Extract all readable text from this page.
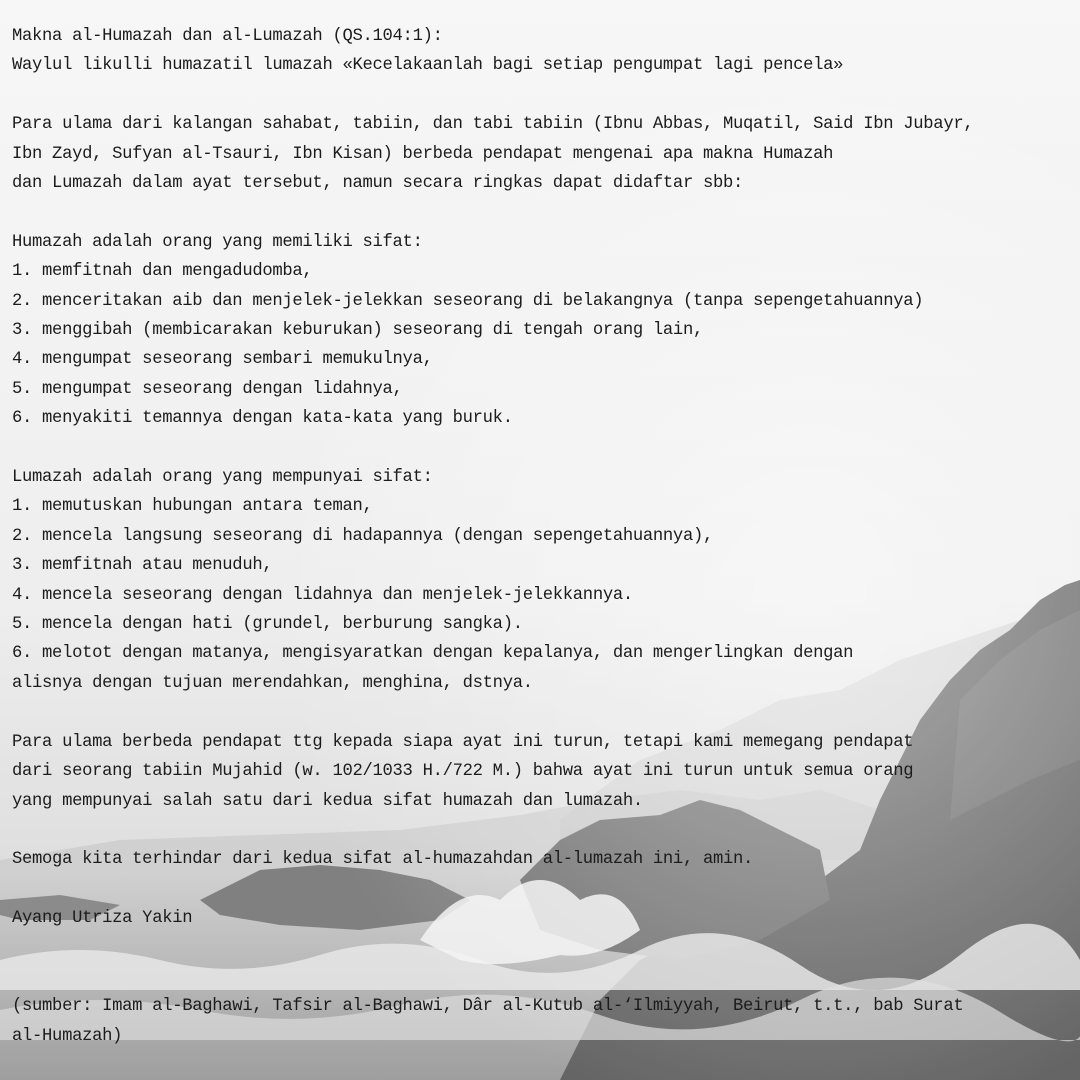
Makna al-Humazah dan al-Lumazah (QS.104:1):
Waylul likulli humazatil lumazah «Kecelakaanlah bagi setiap pengumpat lagi pencela»
Para ulama dari kalangan sahabat, tabiin, dan tabi tabiin (Ibnu Abbas, Muqatil, Said Ibn Jubayr,
Ibn Zayd, Sufyan al-Tsauri, Ibn Kisan) berbeda pendapat mengenai apa makna Humazah
dan Lumazah dalam ayat tersebut, namun secara ringkas dapat didaftar sbb:
Humazah adalah orang yang memiliki sifat:
1. memfitnah dan mengadudomba,
2. menceritakan aib dan menjelek-jelekkan seseorang di belakangnya (tanpa sepengetahuannya)
3. menggibah (membicarakan keburukan) seseorang di tengah orang lain,
4. mengumpat seseorang sembari memukulnya,
5. mengumpat seseorang dengan lidahnya,
6. menyakiti temannya dengan kata-kata yang buruk.
Lumazah adalah orang yang mempunyai sifat:
1. memutuskan hubungan antara teman,
2. mencela langsung seseorang di hadapannya (dengan sepengetahuannya),
3. memfitnah atau menuduh,
4. mencela seseorang dengan lidahnya dan menjelek-jelekkannya.
5. mencela dengan hati (grundel, berburung sangka).
6. melotot dengan matanya, mengisyaratkan dengan kepalanya, dan mengerlingkan dengan
alisnya dengan tujuan merendahkan, menghina, dstnya.
Para ulama berbeda pendapat ttg kepada siapa ayat ini turun, tetapi kami memegang pendapat
dari seorang tabiin Mujahid (w. 102/1033 H./722 M.) bahwa ayat ini turun untuk semua orang
yang mempunyai salah satu dari kedua sifat humazah dan lumazah.
Semoga kita terhindar dari kedua sifat al-humazahdan al-lumazah ini, amin.
Ayang Utriza Yakin
(sumber: Imam al-Baghawi, Tafsir al-Baghawi, Dâr al-Kutub al-‘Ilmiyyah, Beirut, t.t., bab Surat
al-Humazah)
